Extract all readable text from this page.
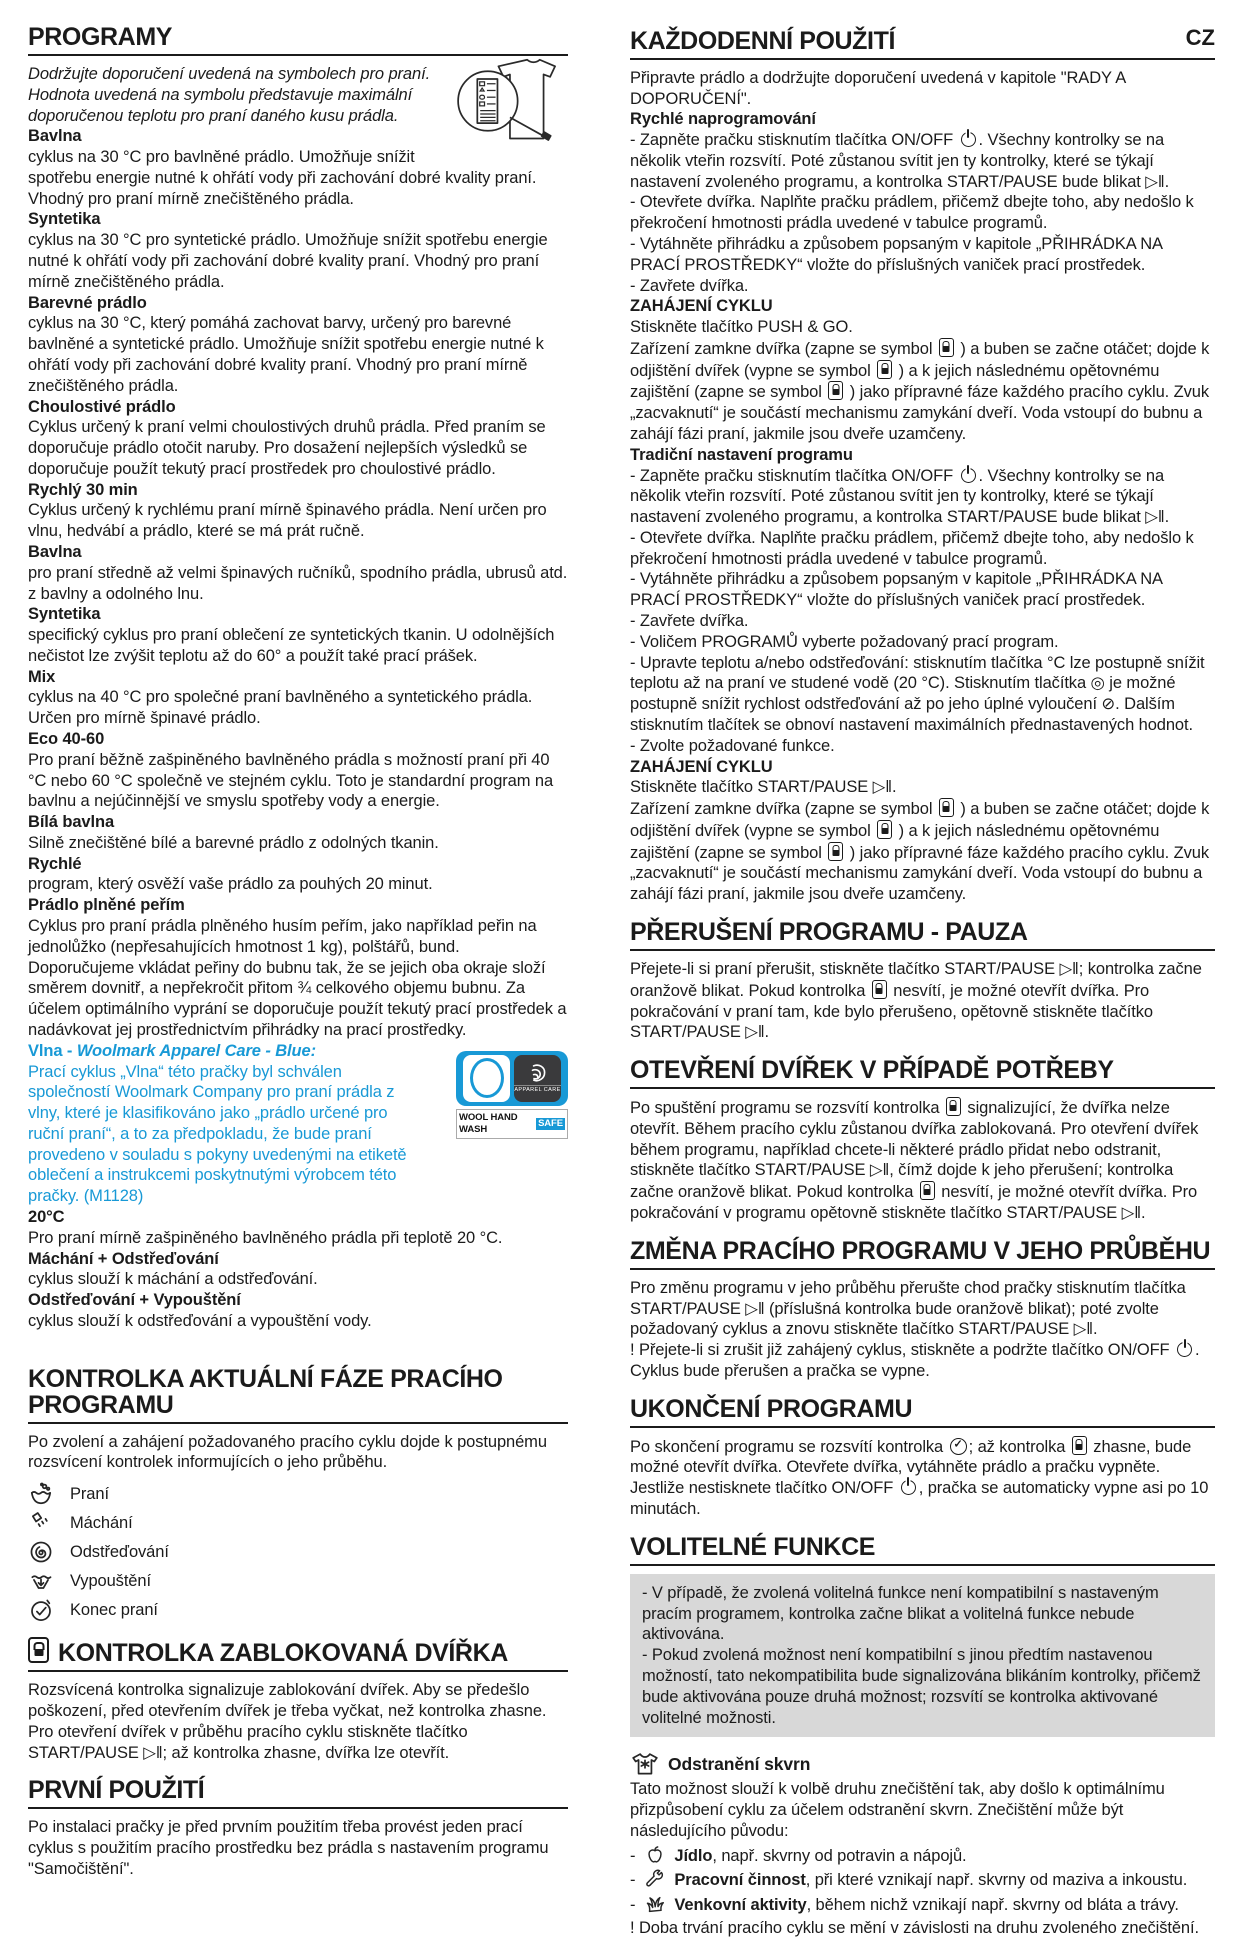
PROGRAMY

Dodržujte doporučení uvedená na symbolech pro praní. Hodnota uvedená na symbolu představuje maximální doporučenou teplotu pro praní daného kusu prádla.

Bavlna

cyklus na 30 °C pro bavlněné prádlo. Umožňuje snížit spotřebu energie nutné k ohřátí vody při zachování dobré kvality praní. Vhodný pro praní mírně znečištěného prádla.

Syntetika

cyklus na 30 °C pro syntetické prádlo. Umožňuje snížit spotřebu energie nutné k ohřátí vody při zachování dobré kvality praní. Vhodný pro praní mírně znečištěného prádla.

Barevné prádlo

cyklus na 30 °C, který pomáhá zachovat barvy, určený pro barevné bavlněné a syntetické prádlo. Umožňuje snížit spotřebu energie nutné k ohřátí vody při zachování dobré kvality praní. Vhodný pro praní mírně znečištěného prádla.

Choulostivé prádlo

Cyklus určený k praní velmi choulostivých druhů prádla. Před praním se doporučuje prádlo otočit naruby. Pro dosažení nejlepších výsledků se doporučuje použít tekutý prací prostředek pro choulostivé prádlo.

Rychlý 30 min

Cyklus určený k rychlému praní mírně špinavého prádla. Není určen pro vlnu, hedvábí a prádlo, které se má prát ručně.

Bavlna

pro praní středně až velmi špinavých ručníků, spodního prádla, ubrusů atd. z bavlny a odolného lnu.

Syntetika

specifický cyklus pro praní oblečení ze syntetických tkanin. U odolnějších nečistot lze zvýšit teplotu až do 60° a použít také prací prášek.

Mix

cyklus na 40 °C pro společné praní bavlněného a syntetického prádla. Určen pro mírně špinavé prádlo.

Eco 40-60

Pro praní běžně zašpiněného bavlněného prádla s možností praní při 40 °C nebo 60 °C společně ve stejném cyklu. Toto je standardní program na bavlnu a nejúčinnější ve smyslu spotřeby vody a energie.

Bílá bavlna

Silně znečištěné bílé a barevné prádlo z odolných tkanin.

Rychlé

program, který osvěží vaše prádlo za pouhých 20 minut.

Prádlo plněné peřím

Cyklus pro praní prádla plněného husím peřím, jako například peřin na jednolůžko (nepřesahujících hmotnost 1 kg), polštářů, bund. Doporučujeme vkládat peřiny do bubnu tak, že se jejich oba okraje složí směrem dovnitř, a nepřekročit přitom ¾ celkového objemu bubnu. Za účelem optimálního vyprání se doporučuje použít tekutý prací prostředek a nadávkovat jej prostřednictvím přihrádky na prací prostředky.

Vlna - Woolmark Apparel Care - Blue:

Prací cyklus „Vlna“ této pračky byl schválen společností Woolmark Company pro praní prádla z vlny, které je klasifikováno jako „prádlo určené pro ruční praní“, a to za předpokladu, že bude praní provedeno v souladu s pokyny uvedenými na etiketě oblečení a instrukcemi poskytnutými výrobcem této pračky. (M1128)

APPAREL CARE
WOOL HAND WASH
SAFE

20°C

Pro praní mírně zašpiněného bavlněného prádla při teplotě 20 °C.

Máchání + Odstřeďování

cyklus slouží k máchání a odstřeďování.

Odstřeďování + Vypouštění

cyklus slouží k odstřeďování a vypouštění vody.

KONTROLKA AKTUÁLNÍ FÁZE PRACÍHO PROGRAMU

Po zvolení a zahájení požadovaného pracího cyklu dojde k postupnému rozsvícení kontrolek informujících o jeho průběhu.

Praní
Máchání
Odstřeďování
Vypouštění
Konec praní
KONTROLKA ZABLOKOVANÁ DVÍŘKA

Rozsvícená kontrolka signalizuje zablokování dvířek. Aby se předešlo poškození, před otevřením dvířek je třeba vyčkat, než kontrolka zhasne. Pro otevření dvířek v průběhu pracího cyklu stiskněte tlačítko START/PAUSE ▷‖; až kontrolka zhasne, dvířka lze otevřít.

PRVNÍ POUŽITÍ

Po instalaci pračky je před prvním použitím třeba provést jeden prací cyklus s použitím pracího prostředku bez prádla s nastavením programu "Samočištění".

KAŽDODENNÍ POUŽITÍ	CZ

Připravte prádlo a dodržujte doporučení uvedená v kapitole "RADY A DOPORUČENÍ".

Rychlé naprogramování

- Zapněte pračku stisknutím tlačítka ON/OFF . Všechny kontrolky se na několik vteřin rozsvítí. Poté zůstanou svítit jen ty kontrolky, které se týkají nastavení zvoleného programu, a kontrolka START/PAUSE bude blikat ▷‖.

- Otevřete dvířka. Naplňte pračku prádlem, přičemž dbejte toho, aby nedošlo k překročení hmotnosti prádla uvedené v tabulce programů.

- Vytáhněte přihrádku a způsobem popsaným v kapitole „PŘIHRÁDKA NA PRACÍ PROSTŘEDKY“ vložte do příslušných vaniček prací prostředek.

- Zavřete dvířka.

ZAHÁJENÍ CYKLU

Stiskněte tlačítko PUSH & GO.

Zařízení zamkne dvířka (zapne se symbol  ) a buben se začne otáčet; dojde k odjištění dvířek (vypne se symbol  ) a k jejich následnému opětovnému zajištění (zapne se symbol  ) jako přípravné fáze každého pracího cyklu. Zvuk „zacvaknutí“ je součástí mechanismu zamykání dveří. Voda vstoupí do bubnu a zahájí fázi praní, jakmile jsou dveře uzamčeny.

Tradiční nastavení programu

- Zapněte pračku stisknutím tlačítka ON/OFF . Všechny kontrolky se na několik vteřin rozsvítí. Poté zůstanou svítit jen ty kontrolky, které se týkají nastavení zvoleného programu, a kontrolka START/PAUSE bude blikat ▷‖.

- Otevřete dvířka. Naplňte pračku prádlem, přičemž dbejte toho, aby nedošlo k překročení hmotnosti prádla uvedené v tabulce programů.

- Vytáhněte přihrádku a způsobem popsaným v kapitole „PŘIHRÁDKA NA PRACÍ PROSTŘEDKY“ vložte do příslušných vaniček prací prostředek.

- Zavřete dvířka.

- Voličem PROGRAMŮ vyberte požadovaný prací program.

- Upravte teplotu a/nebo odstřeďování: stisknutím tlačítka °C lze postupně snížit teplotu až na praní ve studené vodě (20 °C). Stisknutím tlačítka ◎ je možné postupně snížit rychlost odstřeďování až po jeho úplné vyloučení ⊘. Dalším stisknutím tlačítek se obnoví nastavení maximálních přednastavených hodnot.

- Zvolte požadované funkce.

ZAHÁJENÍ CYKLU

Stiskněte tlačítko START/PAUSE ▷‖.

Zařízení zamkne dvířka (zapne se symbol  ) a buben se začne otáčet; dojde k odjištění dvířek (vypne se symbol  ) a k jejich následnému opětovnému zajištění (zapne se symbol  ) jako přípravné fáze každého pracího cyklu. Zvuk „zacvaknutí“ je součástí mechanismu zamykání dveří. Voda vstoupí do bubnu a zahájí fázi praní, jakmile jsou dveře uzamčeny.

PŘERUŠENÍ PROGRAMU - PAUZA

Přejete-li si praní přerušit, stiskněte tlačítko START/PAUSE ▷‖; kontrolka začne oranžově blikat. Pokud kontrolka  nesvítí, je možné otevřít dvířka. Pro pokračování v praní tam, kde bylo přerušeno, opětovně stiskněte tlačítko START/PAUSE ▷‖.

OTEVŘENÍ DVÍŘEK V PŘÍPADĚ POTŘEBY

Po spuštění programu se rozsvítí kontrolka  signalizující, že dvířka nelze otevřít. Během pracího cyklu zůstanou dvířka zablokovaná. Pro otevření dvířek během programu, například chcete-li některé prádlo přidat nebo odstranit, stiskněte tlačítko START/PAUSE ▷‖, čímž dojde k jeho přerušení; kontrolka začne oranžově blikat. Pokud kontrolka  nesvítí, je možné otevřít dvířka. Pro pokračování v programu opětovně stiskněte tlačítko START/PAUSE ▷‖.

ZMĚNA PRACÍHO PROGRAMU V JEHO PRŮBĚHU

Pro změnu programu v jeho průběhu přerušte chod pračky stisknutím tlačítka START/PAUSE ▷‖ (příslušná kontrolka bude oranžově blikat); poté zvolte požadovaný cyklus a znovu stiskněte tlačítko START/PAUSE ▷‖.

! Přejete-li si zrušit již zahájený cyklus, stiskněte a podržte tlačítko ON/OFF . Cyklus bude přerušen a pračka se vypne.

UKONČENÍ PROGRAMU

Po skončení programu se rozsvítí kontrolka ✓; až kontrolka  zhasne, bude možné otevřít dvířka. Otevřete dvířka, vytáhněte prádlo a pračku vypněte. Jestliže nestisknete tlačítko ON/OFF , pračka se automaticky vypne asi po 10 minutách.

VOLITELNÉ FUNKCE

- V případě, že zvolená volitelná funkce není kompatibilní s nastaveným pracím programem, kontrolka začne blikat a volitelná funkce nebude aktivována.

- Pokud zvolená možnost není kompatibilní s jinou předtím nastavenou možností, tato nekompatibilita bude signalizována blikáním kontrolky, přičemž bude aktivována pouze druhá možnost; rozsvítí se kontrolka aktivované volitelné možnosti.

Odstranění skvrn

Tato možnost slouží k volbě druhu znečištění tak, aby došlo k optimálnímu přizpůsobení cyklu za účelem odstranění skvrn. Znečištění může být následujícího původu:

- Jídlo, např. skvrny od potravin a nápojů.

- Pracovní činnost, při které vznikají např. skvrny od maziva a inkoustu.

- Venkovní aktivity, během nichž vznikají např. skvrny od bláta a trávy.

! Doba trvání pracího cyklu se mění v závislosti na druhu zvoleného znečištění.
